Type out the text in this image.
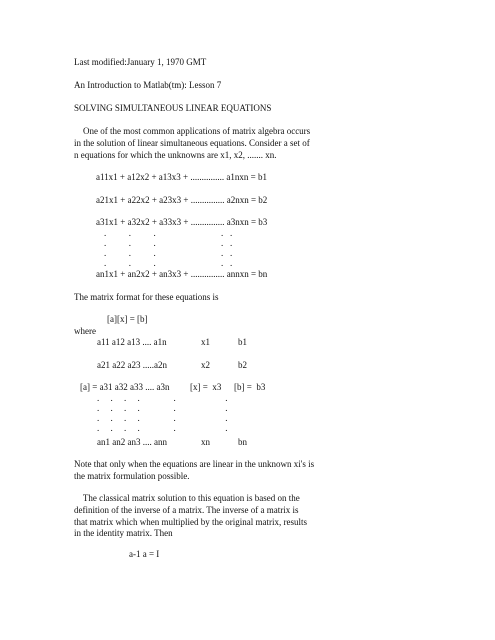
Last modified:January 1, 1970 GMT
An Introduction to Matlab(tm): Lesson 7
SOLVING SIMULTANEOUS LINEAR EQUATIONS
One of the most common applications of matrix algebra occurs
in the solution of linear simultaneous equations. Consider a set of
n equations for which the unknowns are x1, x2, ....... xn.
a11x1 + a12x2 + a13x3 + ............... a1nxn = b1
a21x1 + a22x2 + a23x3 + ............... a2nxn = b2
a31x1 + a32x2 + a33x3 + ............... a3nxn = b3
.          .          .                             .   .
.          .          .                             .   .
.          .          .                             .   .
.          .          .                             .   .
an1x1 + an2x2 + an3x3 + ............... annxn = bn
The matrix format for these equations is
[a][x] = [b]
where
a11 a12 a13 .... a1n	x1	b1
a21 a22 a23 .....a2n	x2	b2
[a] = a31 a32 a33 .... a3n [x] =  x3 [b] =  b3
.     .     .     .               .                      .
.     .     .     .               .                      .
.     .     .     .               .                      .
.     .     .     .               .                      .
an1 an2 an3 .... ann	xn	bn
Note that only when the equations are linear in the unknown xi's is
the matrix formulation possible.
The classical matrix solution to this equation is based on the
definition of the inverse of a matrix. The inverse of a matrix is
that matrix which when multiplied by the original matrix, results
in the identity matrix. Then
a-1 a = I
